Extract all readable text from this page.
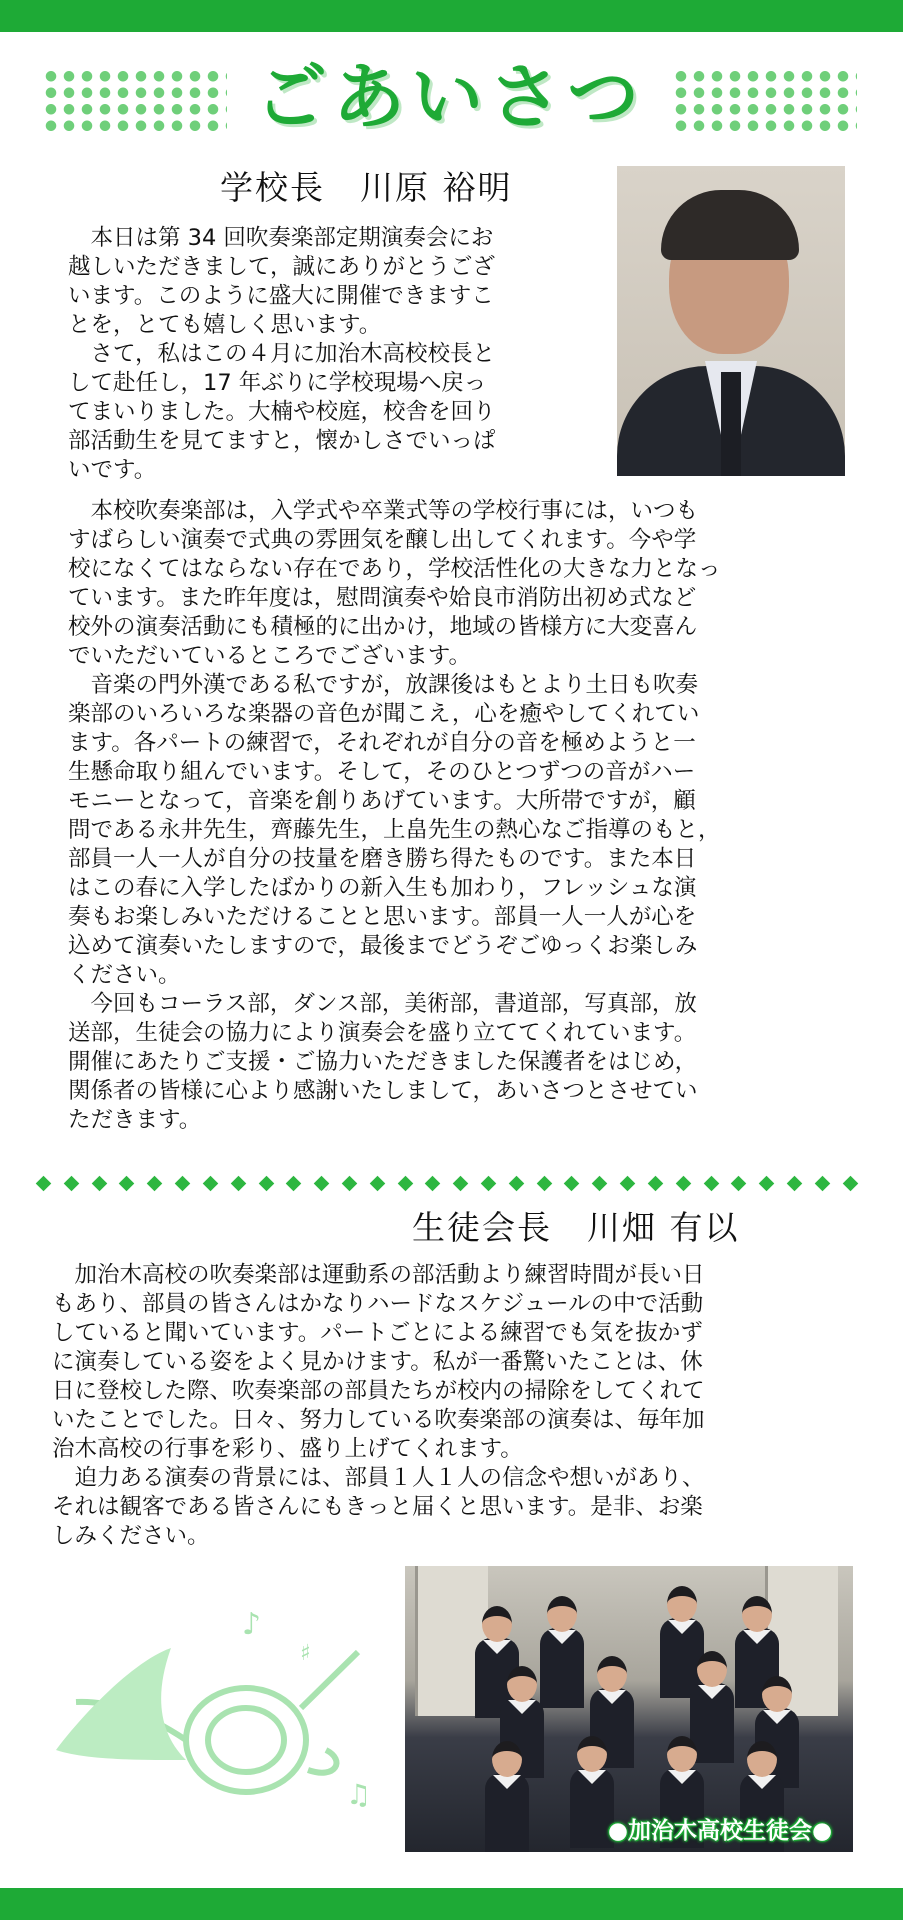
ごあいさつ
学校長　川原 裕明

　本日は第 34 回吹奏楽部定期演奏会にお
越しいただきまして，誠にありがとうござ
います。このように盛大に開催できますこ
とを，とても嬉しく思います。
　さて，私はこの４月に加治木高校校長と
して赴任し，17 年ぶりに学校現場へ戻っ
てまいりました。大楠や校庭，校舎を回り
部活動生を見てますと，懐かしさでいっぱ
いです。

　本校吹奏楽部は，入学式や卒業式等の学校行事には，いつも
すばらしい演奏で式典の雰囲気を醸し出してくれます。今や学
校になくてはならない存在であり，学校活性化の大きな力となっ
ています。また昨年度は，慰問演奏や姶良市消防出初め式など
校外の演奏活動にも積極的に出かけ，地域の皆様方に大変喜ん
でいただいているところでございます。
　音楽の門外漢である私ですが，放課後はもとより土日も吹奏
楽部のいろいろな楽器の音色が聞こえ，心を癒やしてくれてい
ます。各パートの練習で，それぞれが自分の音を極めようと一
生懸命取り組んでいます。そして，そのひとつずつの音がハー
モニーとなって，音楽を創りあげています。大所帯ですが，顧
問である永井先生，齊藤先生，上畠先生の熱心なご指導のもと，
部員一人一人が自分の技量を磨き勝ち得たものです。また本日
はこの春に入学したばかりの新入生も加わり，フレッシュな演
奏もお楽しみいただけることと思います。部員一人一人が心を
込めて演奏いたしますので，最後までどうぞごゆっくお楽しみ
ください。
　今回もコーラス部，ダンス部，美術部，書道部，写真部，放
送部，生徒会の協力により演奏会を盛り立ててくれています。
開催にあたりご支援・ご協力いただきました保護者をはじめ，
関係者の皆様に心より感謝いたしまして，あいさつとさせてい
ただきます。

生徒会長　川畑 有以

　加治木高校の吹奏楽部は運動系の部活動より練習時間が長い日
もあり、部員の皆さんはかなりハードなスケジュールの中で活動
していると聞いています。パートごとによる練習でも気を抜かず
に演奏している姿をよく見かけます。私が一番驚いたことは、休
日に登校した際、吹奏楽部の部員たちが校内の掃除をしてくれて
いたことでした。日々、努力している吹奏楽部の演奏は、毎年加
治木高校の行事を彩り、盛り上げてくれます。
　迫力ある演奏の背景には、部員１人１人の信念や想いがあり、
それは観客である皆さんにもきっと届くと思います。是非、お楽
しみください。

♪
♯
♫
●加治木高校生徒会●
